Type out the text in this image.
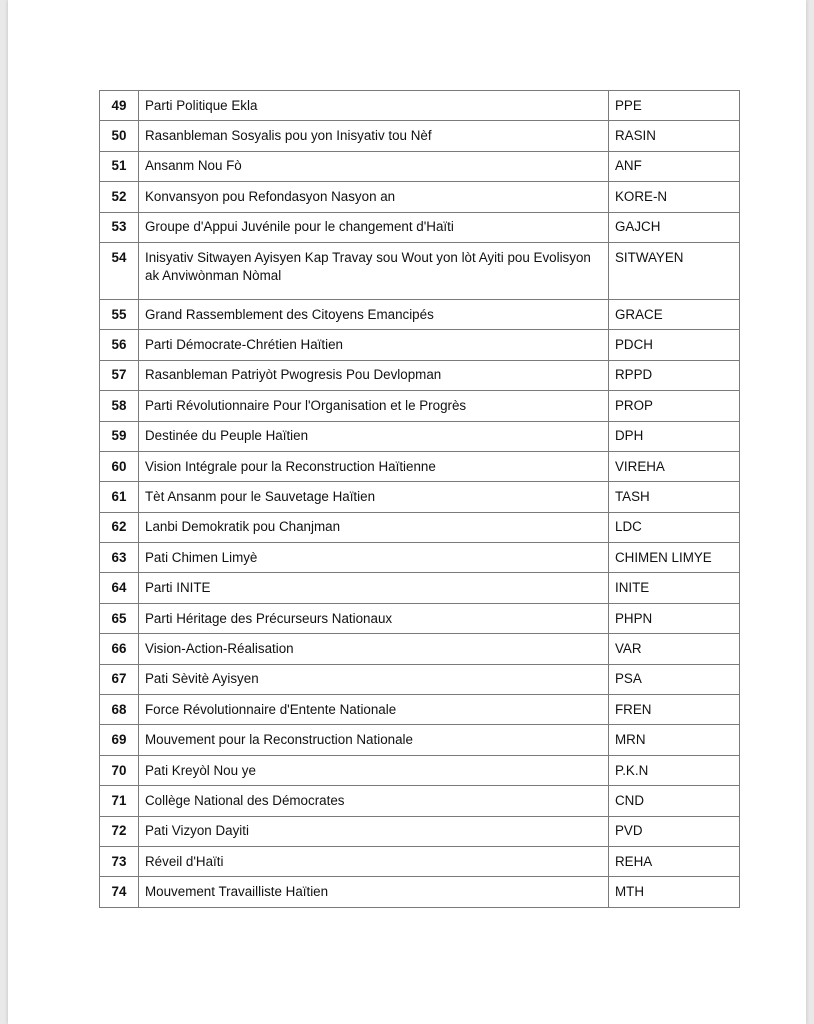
49	Parti Politique Ekla	PPE
50	Rasanbleman Sosyalis pou yon Inisyativ tou Nèf	RASIN
51	Ansanm Nou Fò	ANF
52	Konvansyon pou Refondasyon Nasyon an	KORE-N
53	Groupe d'Appui Juvénile pour le changement d'Haïti	GAJCH
54	Inisyativ Sitwayen Ayisyen Kap Travay sou Wout yon lòt Ayiti pou Evolisyon ak Anviwònman Nòmal	SITWAYEN
55	Grand Rassemblement des Citoyens Emancipés	GRACE
56	Parti Démocrate-Chrétien Haïtien	PDCH
57	Rasanbleman Patriyòt Pwogresis Pou Devlopman	RPPD
58	Parti Révolutionnaire Pour l'Organisation et le Progrès	PROP
59	Destinée du Peuple Haïtien	DPH
60	Vision Intégrale pour la Reconstruction Haïtienne	VIREHA
61	Tèt Ansanm pour le Sauvetage Haïtien	TASH
62	Lanbi Demokratik pou Chanjman	LDC
63	Pati Chimen Limyè	CHIMEN LIMYE
64	Parti INITE	INITE
65	Parti Héritage des Précurseurs Nationaux	PHPN
66	Vision-Action-Réalisation	VAR
67	Pati Sèvitè Ayisyen	PSA
68	Force Révolutionnaire d'Entente Nationale	FREN
69	Mouvement pour la Reconstruction Nationale	MRN
70	Pati Kreyòl Nou ye	P.K.N
71	Collège National des Démocrates	CND
72	Pati Vizyon Dayiti	PVD
73	Réveil d'Haïti	REHA
74	Mouvement Travailliste Haïtien	MTH
